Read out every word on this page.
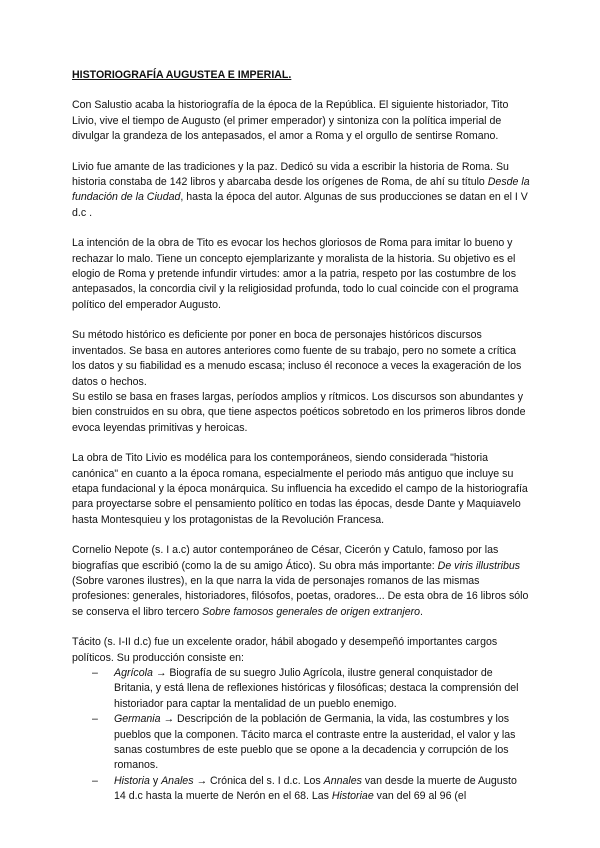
HISTORIOGRAFÍA AUGUSTEA E IMPERIAL.

Con Salustio acaba la historiografía de la época de la República. El siguiente historiador, Tito Livio, vive el tiempo de Augusto (el primer emperador) y sintoniza con la política imperial de divulgar la grandeza de los antepasados, el amor a Roma y el orgullo de sentirse Romano.

Livio fue amante de las tradiciones y la paz. Dedicó su vida a escribir la historia de Roma. Su historia constaba de 142 libros y abarcaba desde los orígenes de Roma, de ahí su título Desde la fundación de la Ciudad, hasta la época del autor. Algunas de sus producciones se datan en el I V d.c .

La intención de la obra de Tito es evocar los hechos gloriosos de Roma para imitar lo bueno y rechazar lo malo. Tiene un concepto ejemplarizante y moralista de la historia. Su objetivo es el elogio de Roma y pretende infundir virtudes: amor a la patria, respeto por las costumbre de los antepasados, la concordia civil y la religiosidad profunda, todo lo cual coincide con el programa político del emperador Augusto.

Su método histórico es deficiente por poner en boca de personajes históricos discursos inventados. Se basa en autores anteriores como fuente de su trabajo, pero no somete a crítica los datos y su fiabilidad es a menudo escasa; incluso él reconoce a veces la exageración de los datos o hechos.

Su estilo se basa en frases largas, períodos amplios y rítmicos. Los discursos son abundantes y bien construidos en su obra, que tiene aspectos poéticos sobretodo en los primeros libros donde evoca leyendas primitivas y heroicas.

La obra de Tito Livio es modélica para los contemporáneos, siendo considerada "historia canónica" en cuanto a la época romana, especialmente el periodo más antiguo que incluye su etapa fundacional y la época monárquica. Su influencia ha excedido el campo de la historiografía para proyectarse sobre el pensamiento político en todas las épocas, desde Dante y Maquiavelo hasta Montesquieu y los protagonistas de la Revolución Francesa.

Cornelio Nepote (s. I a.c) autor contemporáneo de César, Cicerón y Catulo, famoso por las biografías que escribió (como la de su amigo Ático). Su obra más importante: De viris illustribus (Sobre varones ilustres), en la que narra la vida de personajes romanos de las mismas profesiones: generales, historiadores, filósofos, poetas, oradores... De esta obra de 16 libros sólo se conserva el libro tercero Sobre famosos generales de origen extranjero.

Tácito (s. I-II d.c) fue un excelente orador, hábil abogado y desempeñó importantes cargos políticos. Su producción consiste en:

– Agrícola → Biografía de su suegro Julio Agrícola, ilustre general conquistador de Britania, y está llena de reflexiones históricas y filosóficas; destaca la comprensión del historiador para captar la mentalidad de un pueblo enemigo.
– Germania → Descripción de la población de Germania, la vida, las costumbres y los pueblos que la componen. Tácito marca el contraste entre la austeridad, el valor y las sanas costumbres de este pueblo que se opone a la decadencia y corrupción de los romanos.
– Historia y Anales → Crónica del s. I d.c. Los Annales van desde la muerte de Augusto 14 d.c hasta la muerte de Nerón en el 68. Las Historiae van del 69 al 96 (el
